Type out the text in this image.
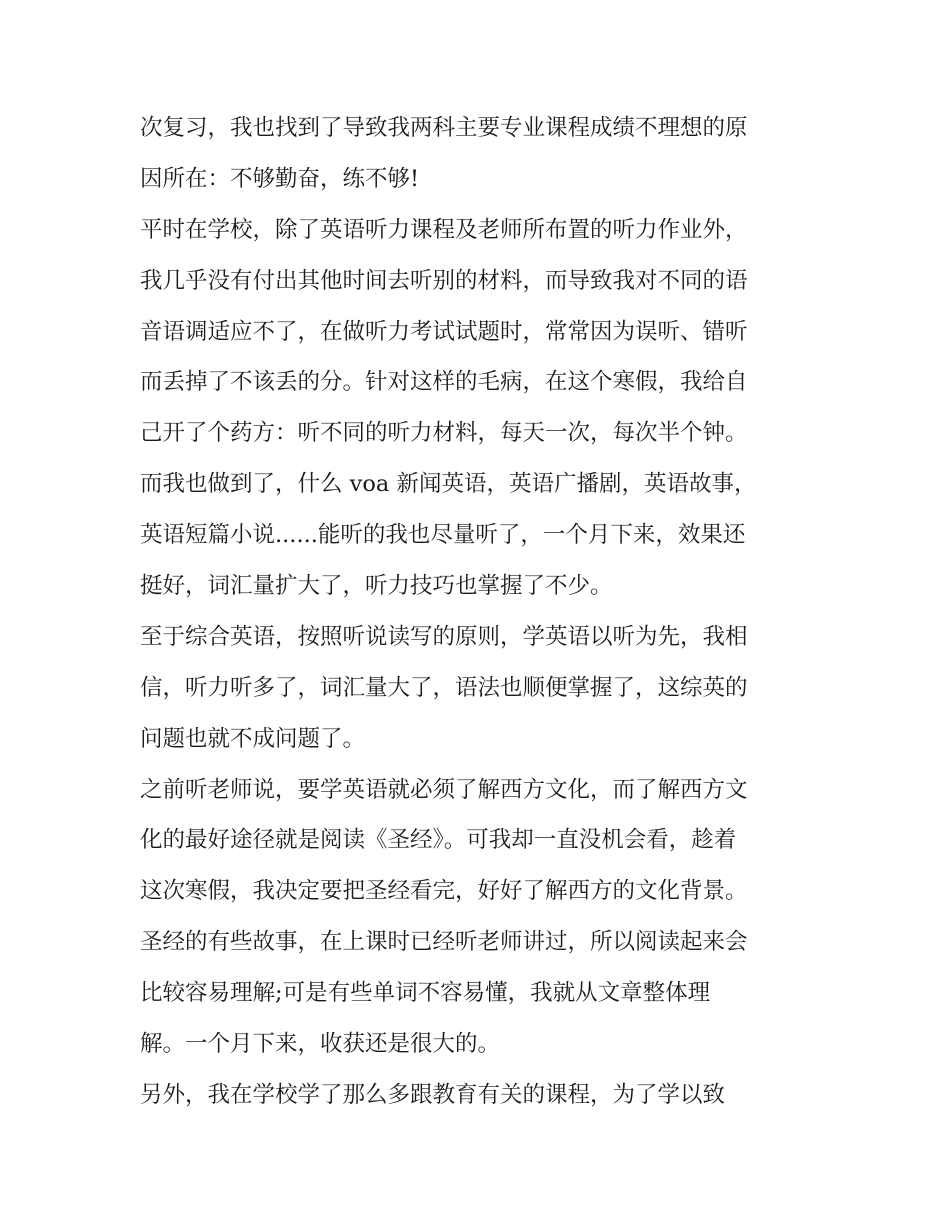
次复习，我也找到了导致我两科主要专业课程成绩不理想的原
因所在：不够勤奋，练不够!
平时在学校，除了英语听力课程及老师所布置的听力作业外，
我几乎没有付出其他时间去听别的材料，而导致我对不同的语
音语调适应不了，在做听力考试试题时，常常因为误听、错听
而丢掉了不该丢的分。针对这样的毛病，在这个寒假，我给自
己开了个药方：听不同的听力材料，每天一次，每次半个钟。
而我也做到了，什么 voa 新闻英语，英语广播剧，英语故事，
英语短篇小说......能听的我也尽量听了，一个月下来，效果还
挺好，词汇量扩大了，听力技巧也掌握了不少。
至于综合英语，按照听说读写的原则，学英语以听为先，我相
信，听力听多了，词汇量大了，语法也顺便掌握了，这综英的
问题也就不成问题了。
之前听老师说，要学英语就必须了解西方文化，而了解西方文
化的最好途径就是阅读《圣经》。可我却一直没机会看，趁着
这次寒假，我决定要把圣经看完，好好了解西方的文化背景。
圣经的有些故事，在上课时已经听老师讲过，所以阅读起来会
比较容易理解;可是有些单词不容易懂，我就从文章整体理
解。一个月下来，收获还是很大的。
另外，我在学校学了那么多跟教育有关的课程，为了学以致
